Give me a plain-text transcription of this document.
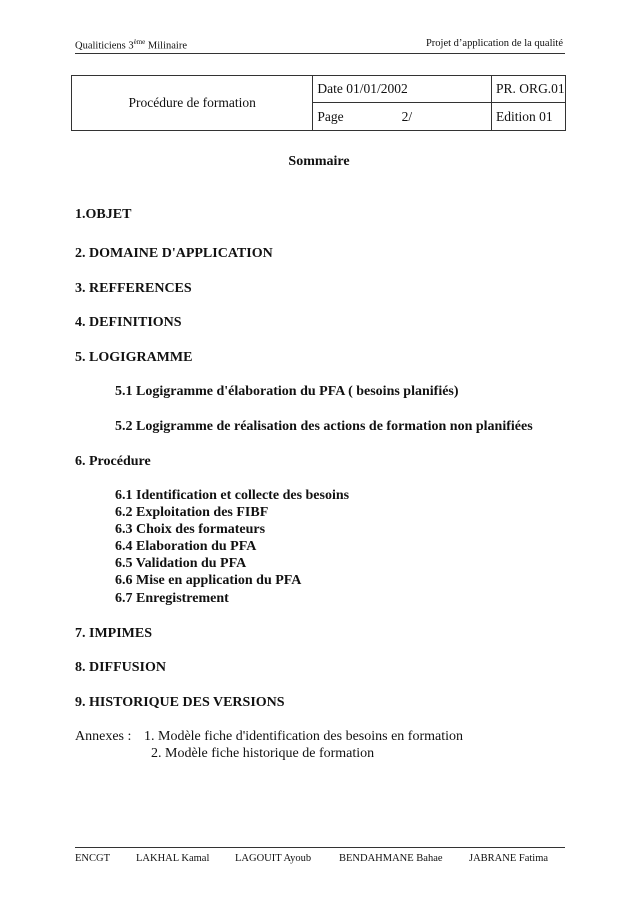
Qualiticiens 3ème Milinaire	Projet d’application de la qualité
Procédure de formation	Date 01/01/2002	PR. ORG.01
	Page 2/	Edition 01
Sommaire
1.OBJET
2. DOMAINE D'APPLICATION
3. REFFERENCES
4. DEFINITIONS
5. LOGIGRAMME
5.1 Logigramme d'élaboration du PFA ( besoins planifiés)
5.2 Logigramme de réalisation des actions de formation non planifiées
6. Procédure
6.1 Identification et collecte des besoins
6.2 Exploitation des FIBF
6.3 Choix des formateurs
6.4 Elaboration du PFA
6.5 Validation du PFA
6.6 Mise en application du PFA
6.7 Enregistrement
7. IMPIMES
8. DIFFUSION
9. HISTORIQUE DES VERSIONS
Annexes : 1. Modèle fiche d'identification des besoins en formation
2. Modèle fiche historique de formation
ENCGT LAKHAL Kamal LAGOUIT Ayoub	BENDAHMANE Bahae	JABRANE Fatima
